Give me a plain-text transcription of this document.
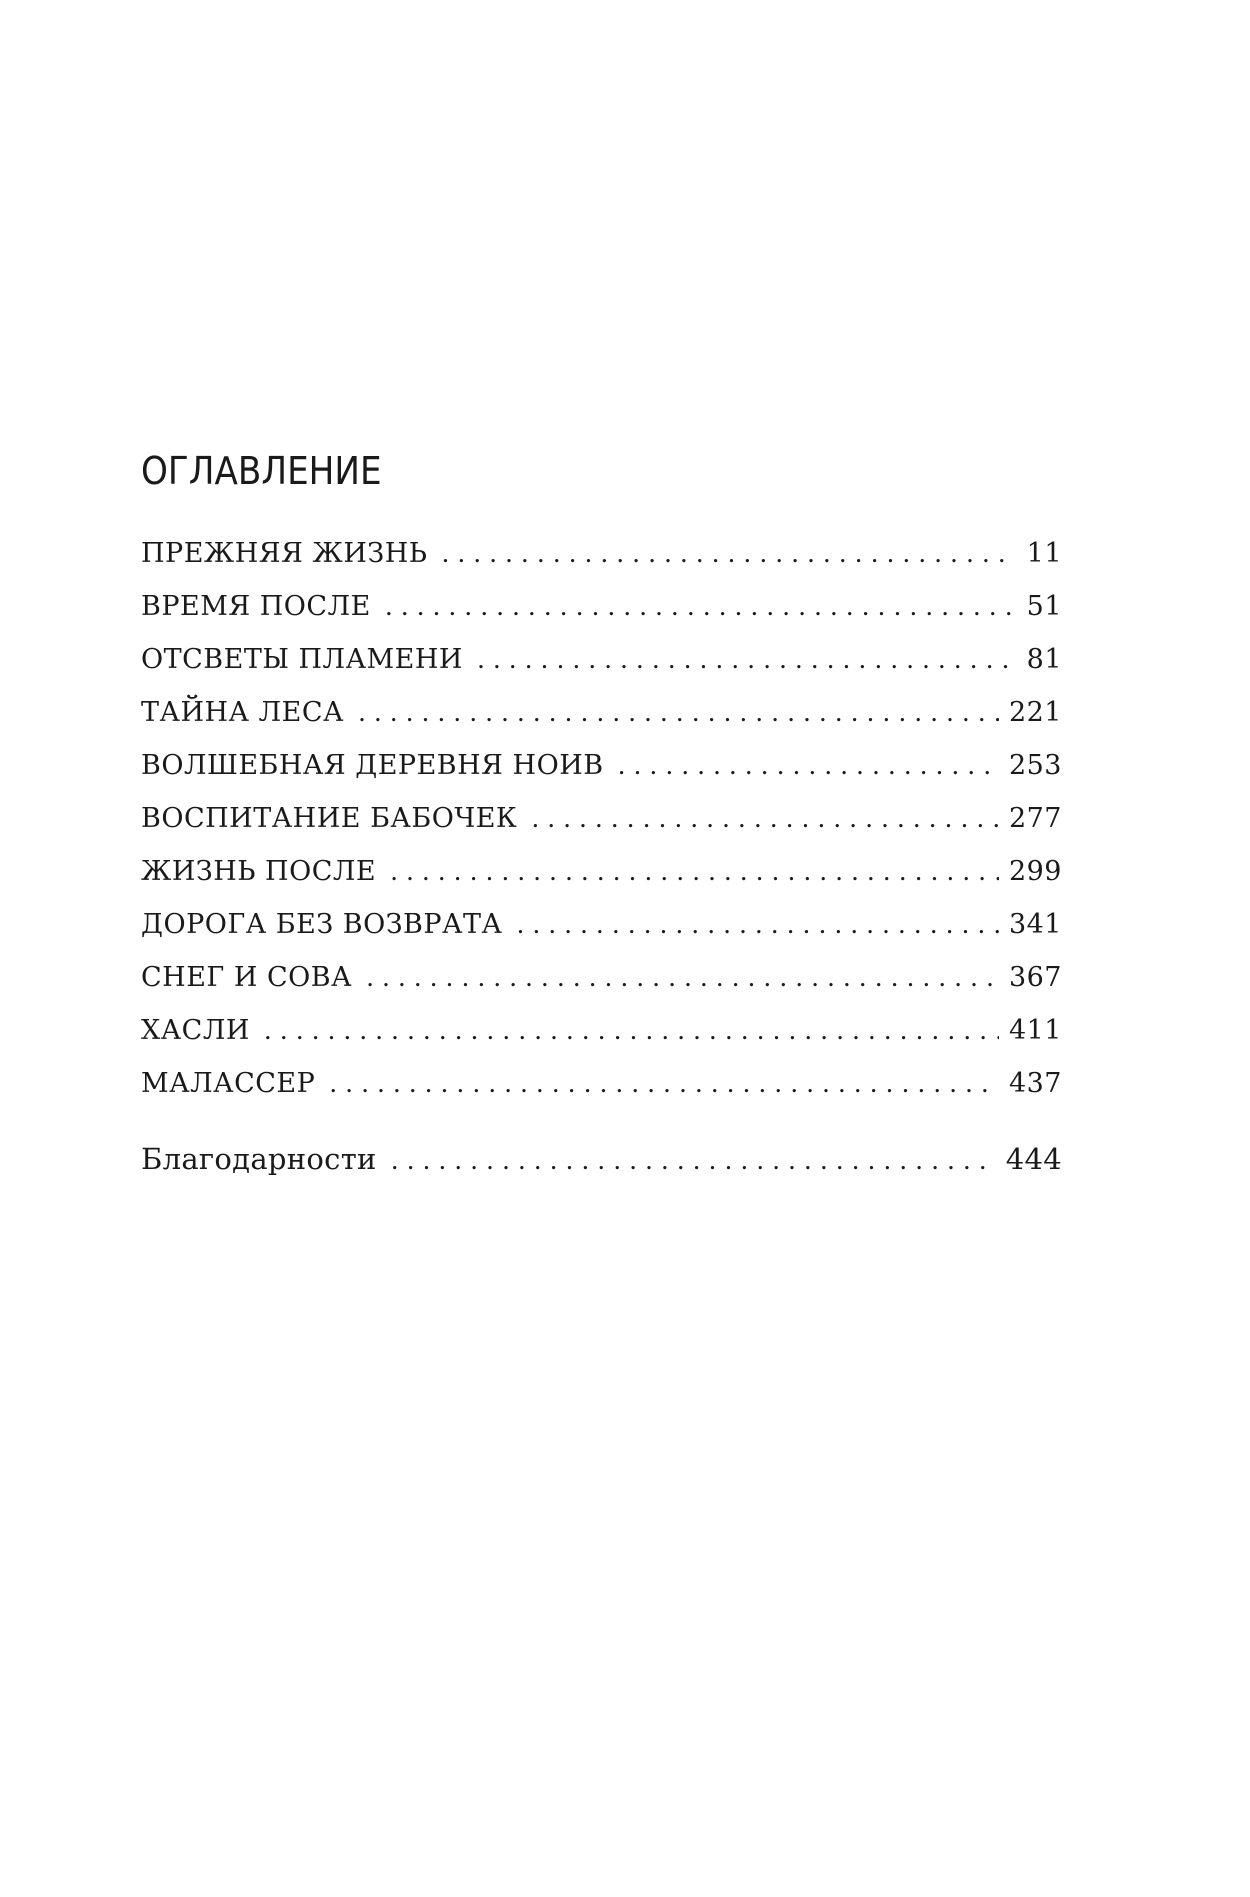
ОГЛАВЛЕНИЕ
ПРЕЖНЯЯ ЖИЗНЬ . . .	11
ВРЕМЯ ПОСЛЕ . . .	51
ОТСВЕТЫ ПЛАМЕНИ . . .	81
ТАЙНА ЛЕСА . . .	221
ВОЛШЕБНАЯ ДЕРЕВНЯ НОИВ . . .	253
ВОСПИТАНИЕ БАБОЧЕК . . .	277
ЖИЗНЬ ПОСЛЕ . . .	299
ДОРОГА БЕЗ ВОЗВРАТА . . .	341
СНЕГ И СОВА . . .	367
ХАСЛИ . . .	411
МАЛАССЕР . . .	437
Благодарности . . .	444
